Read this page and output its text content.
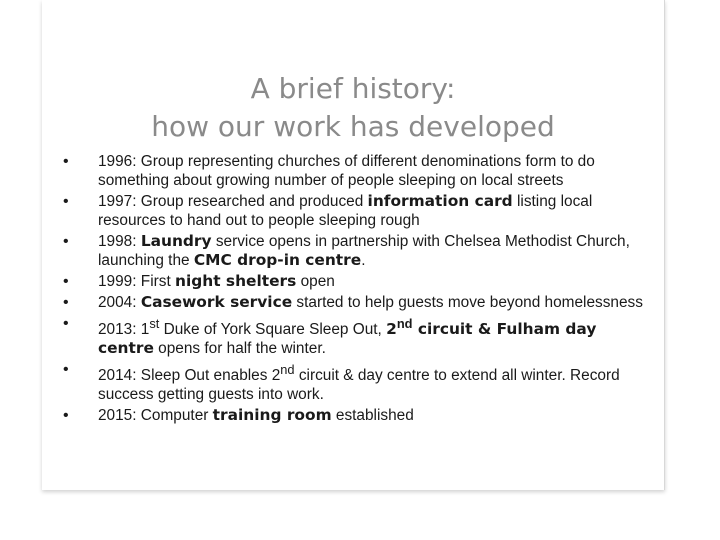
A brief history:
how our work has developed
• 1996: Group representing churches of different denominations form to do something about growing number of people sleeping on local streets
• 1997: Group researched and produced information card listing local resources to hand out to people sleeping rough
• 1998: Laundry service opens in partnership with Chelsea Methodist Church, launching the CMC drop-in centre.
• 1999: First night shelters open
• 2004: Casework service started to help guests move beyond homelessness
• 2013: 1st Duke of York Square Sleep Out, 2nd circuit & Fulham day centre opens for half the winter.
• 2014: Sleep Out enables 2nd circuit & day centre to extend all winter. Record success getting guests into work.
• 2015: Computer training room established
